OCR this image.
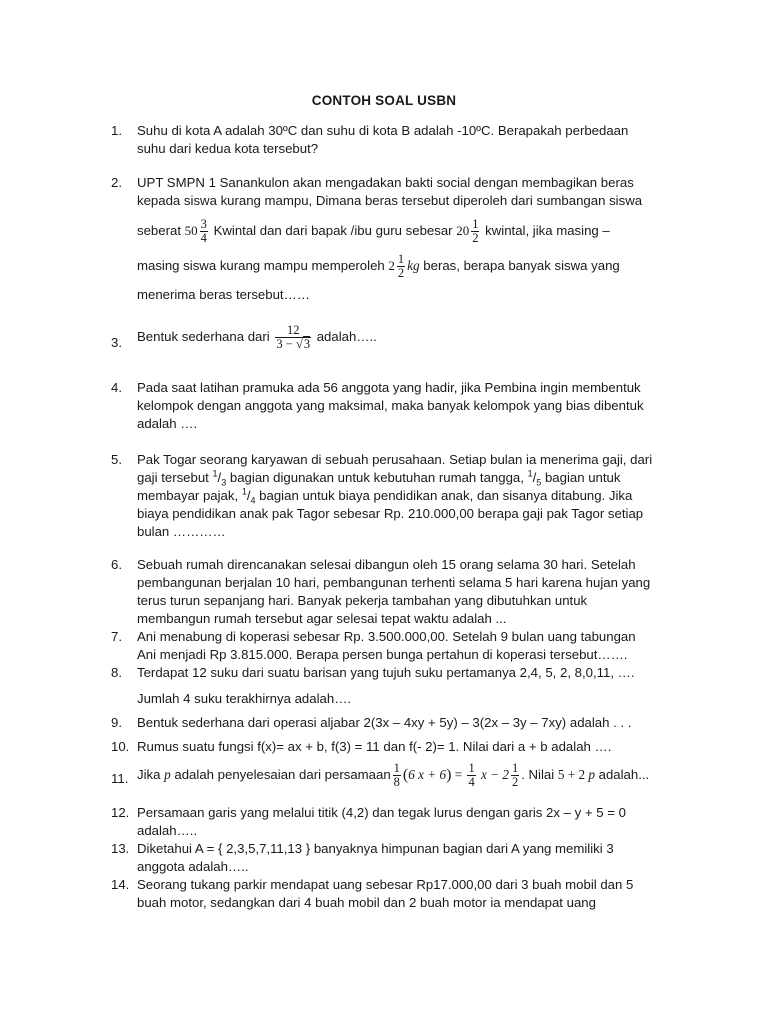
CONTOH SOAL USBN
1.	Suhu di kota A adalah 30ºC dan suhu di kota B adalah -10ºC. Berapakah perbedaan
suhu dari kedua kota tersebut?
2.	UPT SMPN 1 Sanankulon akan mengadakan bakti social dengan membagikan beras
kepada siswa kurang mampu, Dimana beras tersebut diperoleh dari sumbangan siswa
seberat $50 \frac{3}{4}$ Kwintal dan dari bapak /ibu guru sebesar $20 \frac{1}{2}$ kwintal, jika masing –
masing siswa kurang mampu memperoleh $2 \frac{1}{2}$ kg beras, berapa banyak siswa yang
menerima beras tersebut……
3.	Bentuk sederhana dari $\frac{12}{3 - √3}$ adalah…..
4.	Pada saat latihan pramuka ada 56 anggota yang hadir, jika Pembina ingin membentuk
kelompok dengan anggota yang maksimal, maka banyak kelompok yang bias dibentuk
adalah ….
5.	Pak Togar seorang karyawan di sebuah perusahaan. Setiap bulan ia menerima gaji, dari
gaji tersebut $^1/_3$ bagian digunakan untuk kebutuhan rumah tangga, $^1/_5$ bagian untuk
membayar pajak, $^1/_4$ bagian untuk biaya pendidikan anak, dan sisanya ditabung. Jika
biaya pendidikan anak pak Tagor sebesar Rp. 210.000,00 berapa gaji pak Tagor setiap
bulan …………
6.	Sebuah rumah direncanakan selesai dibangun oleh 15 orang selama 30 hari. Setelah
pembangunan berjalan 10 hari, pembangunan terhenti selama 5 hari karena hujan yang
terus turun sepanjang hari. Banyak pekerja tambahan yang dibutuhkan untuk
membangun rumah tersebut agar selesai tepat waktu adalah ...
7.	Ani menabung di koperasi sebesar Rp. 3.500.000,00. Setelah 9 bulan uang tabungan
Ani menjadi Rp 3.815.000. Berapa persen bunga pertahun di koperasi tersebut…….
8.	Terdapat 12 suku dari suatu barisan yang tujuh suku pertamanya 2,4, 5, 2, 8,0,11, ….
Jumlah 4 suku terakhirnya adalah….
9.	Bentuk sederhana dari operasi aljabar 2(3x – 4xy + 5y) – 3(2x – 3y – 7xy) adalah . . .
10. Rumus suatu fungsi f(x)= ax + b, f(3) = 11 dan f(- 2)= 1. Nilai dari a + b adalah ….
11. Jika p adalah penyelesaian dari persamaan $\frac{1}{8} (6$ $x + 6) = \frac{1}{4}$ $x - 2 \frac{1}{2}$ . Nilai 5 + 2 p adalah...
12. Persamaan garis yang melalui titik (4,2) dan tegak lurus dengan garis 2x – y + 5 = 0
adalah…..
13. Diketahui A = { 2,3,5,7,11,13 } banyaknya himpunan bagian dari A yang memiliki 3
anggota adalah…..
14. Seorang tukang parkir mendapat uang sebesar Rp17.000,00 dari 3 buah mobil dan 5
buah motor, sedangkan dari 4 buah mobil dan 2 buah motor ia mendapat uang
